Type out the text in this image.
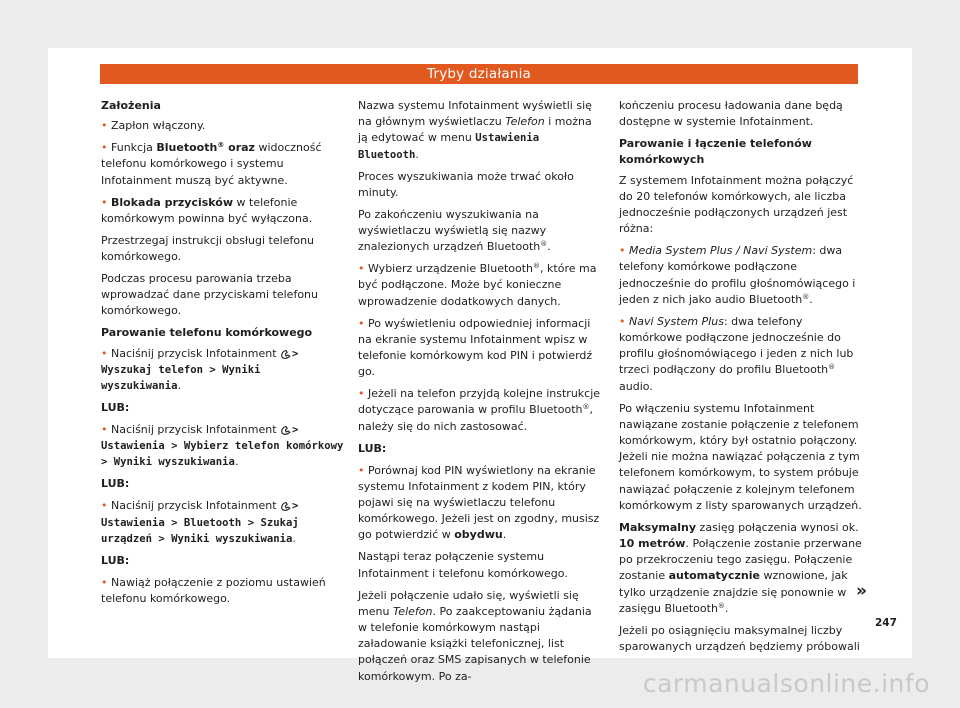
Tryby działania

Założenia

• Zapłon włączony.

• Funkcja Bluetooth® oraz widoczność telefonu komórkowego i systemu Infotainment muszą być aktywne.

• Blokada przycisków w telefonie komórkowym powinna być wyłączona.

Przestrzegaj instrukcji obsługi telefonu komórkowego.

Podczas procesu parowania trzeba wprowadzać dane przyciskami telefonu komórkowego.

Parowanie telefonu komórkowego

• Naciśnij przycisk Infotainment
> Wyszukaj telefon > Wyniki wyszukiwania.

LUB:

• Naciśnij przycisk Infotainment
> Ustawienia > Wybierz telefon komórkowy > Wyniki wyszukiwania.

LUB:

• Naciśnij przycisk Infotainment
> Ustawienia > Bluetooth > Szukaj urządzeń > Wyniki wyszukiwania.

LUB:

• Nawiąż połączenie z poziomu ustawień telefonu komórkowego.

Nazwa systemu Infotainment wyświetli się na głównym wyświetlaczu Telefon i można ją edytować w menu Ustawienia Bluetooth.

Proces wyszukiwania może trwać około minuty.

Po zakończeniu wyszukiwania na wyświetlaczu wyświetlą się nazwy znalezionych urządzeń Bluetooth®.

• Wybierz urządzenie Bluetooth®, które ma być podłączone. Może być konieczne wprowadzenie dodatkowych danych.

• Po wyświetleniu odpowiedniej informacji na ekranie systemu Infotainment wpisz w telefonie komórkowym kod PIN i potwierdź go.

• Jeżeli na telefon przyjdą kolejne instrukcje dotyczące parowania w profilu Bluetooth®, należy się do nich zastosować.

LUB:

• Porównaj kod PIN wyświetlony na ekranie systemu Infotainment z kodem PIN, który pojawi się na wyświetlaczu telefonu komórkowego. Jeżeli jest on zgodny, musisz go potwierdzić w obydwu.

Nastąpi teraz połączenie systemu Infotainment i telefonu komórkowego.

Jeżeli połączenie udało się, wyświetli się menu Telefon. Po zaakceptowaniu żądania w telefonie komórkowym nastąpi załadowanie książki telefonicznej, list połączeń oraz SMS zapisanych w telefonie komórkowym. Po za-

kończeniu procesu ładowania dane będą dostępne w systemie Infotainment.

Parowanie i łączenie telefonów komórkowych

Z systemem Infotainment można połączyć do 20 telefonów komórkowych, ale liczba jednocześnie podłączonych urządzeń jest różna:

• Media System Plus / Navi System: dwa telefony komórkowe podłączone jednocześnie do profilu głośnomówiącego i jeden z nich jako audio Bluetooth®.

• Navi System Plus: dwa telefony komórkowe podłączone jednocześnie do profilu głośnomówiącego i jeden z nich lub trzeci podłączony do profilu Bluetooth® audio.

Po włączeniu systemu Infotainment nawiązane zostanie połączenie z telefonem komórkowym, który był ostatnio połączony. Jeżeli nie można nawiązać połączenia z tym telefonem komórkowym, to system próbuje nawiązać połączenie z kolejnym telefonem komórkowym z listy sparowanych urządzeń.

Maksymalny zasięg połączenia wynosi ok. 10 metrów. Połączenie zostanie przerwane po przekroczeniu tego zasięgu. Połączenie zostanie automatycznie wznowione, jak tylko urządzenie znajdzie się ponownie w zasięgu Bluetooth®.

Jeżeli po osiągnięciu maksymalnej liczby sparowanych urządzeń będziemy próbowali

»
247
carmanualsonline.info
